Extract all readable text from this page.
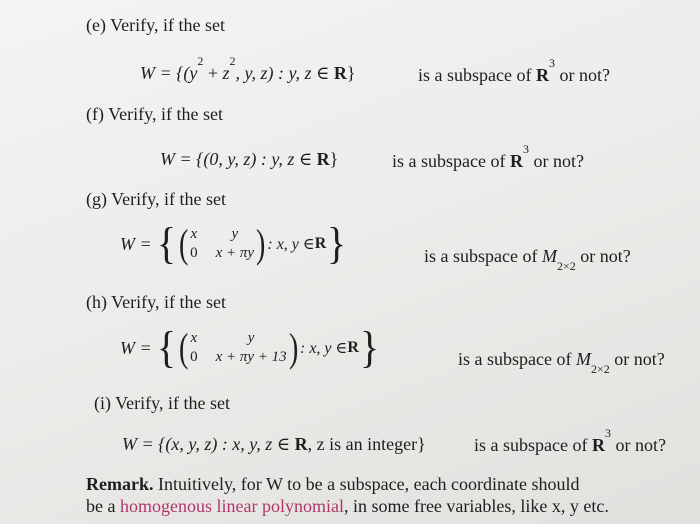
(e) Verify, if the set
$W = \{(y^2 + z^2$, y, z) : y, z ∈ R}	is a subspace of $R^3$ or not?
(f) Verify, if the set
W = {(0, y, z) : y, z ∈ R}	is a subspace of $R^3$ or not?
(g) Verify, if the set
W = { ( x	y
0 x + πy ) : x, y ∈ R }	is a subspace of $M_{2\times 2}$ or not?
(h) Verify, if the set
W = { ( x	y
0 x + πy + 13 ) : x, y ∈ R }	is a subspace of $M_{2\times 2}$ or not?
(i) Verify, if the set
W = {(x, y, z) : x, y, z ∈ R, z is an integer}	is a subspace of $R^3$ or not?
Remark. Intuitively, for W to be a subspace, each coordinate should
be a homogenous linear polynomial, in some free variables, like x, y etc.
